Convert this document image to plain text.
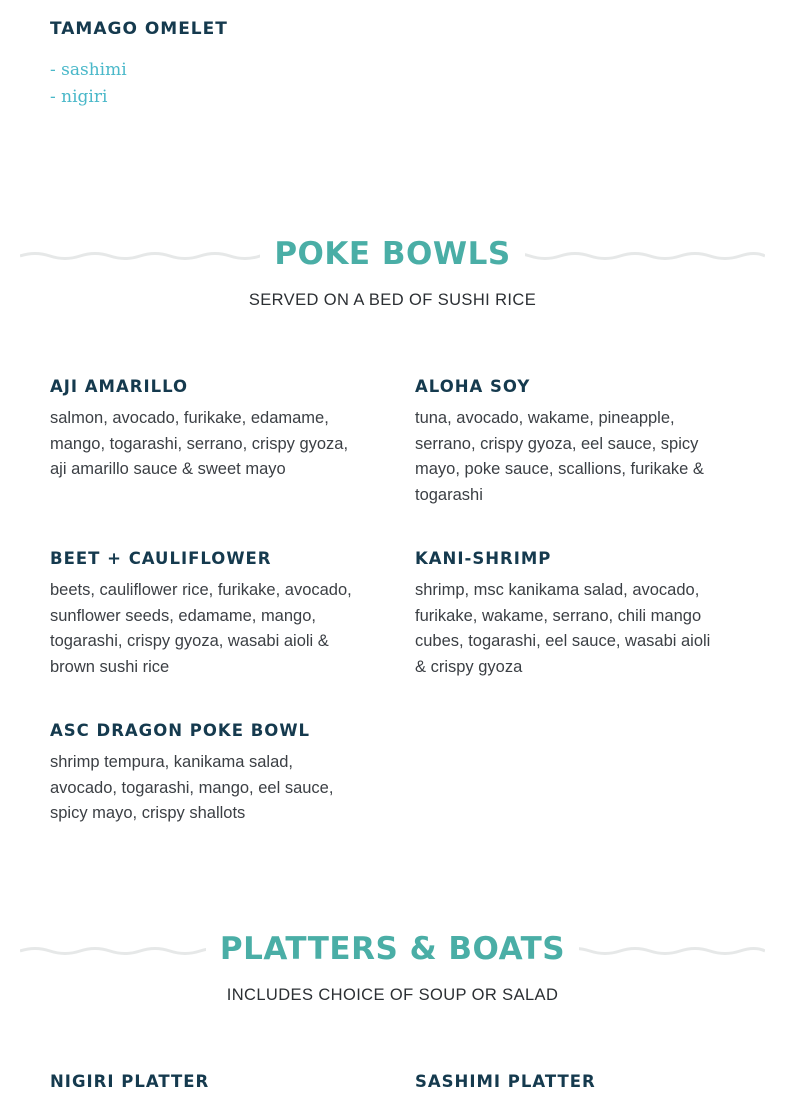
TAMAGO OMELET
- sashimi
- nigiri
POKE BOWLS
SERVED ON A BED OF SUSHI RICE
AJI AMARILLO
salmon, avocado, furikake, edamame, mango, togarashi, serrano, crispy gyoza, aji amarillo sauce & sweet mayo
ALOHA SOY
tuna, avocado, wakame, pineapple, serrano, crispy gyoza, eel sauce, spicy mayo, poke sauce, scallions, furikake & togarashi
BEET + CAULIFLOWER
beets, cauliflower rice, furikake, avocado, sunflower seeds, edamame, mango, togarashi, crispy gyoza, wasabi aioli & brown sushi rice
KANI-SHRIMP
shrimp, msc kanikama salad, avocado, furikake, wakame, serrano, chili mango cubes, togarashi, eel sauce, wasabi aioli & crispy gyoza
ASC DRAGON POKE BOWL
shrimp tempura, kanikama salad, avocado, togarashi, mango, eel sauce, spicy mayo, crispy shallots
PLATTERS & BOATS
INCLUDES CHOICE OF SOUP OR SALAD
NIGIRI PLATTER	SASHIMI PLATTER
